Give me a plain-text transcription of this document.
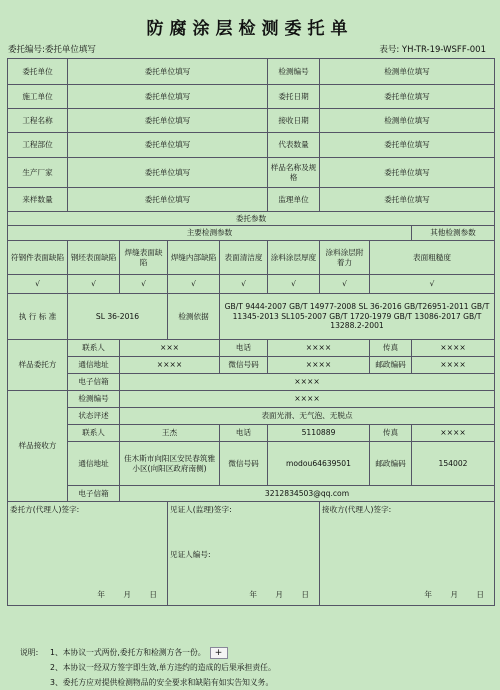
防腐涂层检测委托单
委托编号:委托单位填写	表号: YH-TR-19-WSFF-001
委托单位	委托单位填写				检测编号	检测单位填写		
施工单位	委托单位填写				委托日期	委托单位填写		
工程名称	委托单位填写				接收日期	检测单位填写		
工程部位	委托单位填写				代表数量	委托单位填写		
生产厂家	委托单位填写				样品名称及规格	委托单位填写		
来样数量	委托单位填写				监理单位	委托单位填写		
委托参数								
主要检测参数								其他检测参数
符钢件表面缺陷	钢坯表面缺陷	焊缝表面缺陷	焊缝内部缺陷	表面清洁度	涂料涂层厚度	涂料涂层附着力	表面粗糙度	
√	√	√	√	√	√	√	√	
执 行 标 准	SL 36-2016		检测依据	GB/T 9444-2007 GB/T 14977-2008 SL 36-2016 GB/T26951-2011 GB/T 11345-2013 SL105-2007 GB/T 1720-1979 GB/T 13086-2017 GB/T 13288.2-2001				
样品委托方	联系人	×××		电话	××××		传真	××××
	通信地址	××××		微信号码	××××		邮政编码	××××
	电子信箱	××××						
样品接收方	检测编号	××××						
	状态评述	表面光滑、无气泡、无脱点						
	联系人	王杰		电话	5110889		传真	××××
	通信地址	佳木斯市向阳区安民春筑雅小区(向阳区政府南侧)		微信号码	modou64639501		邮政编码	154002
	电子信箱	3212834503@qq.com						

委托方(代理人)签字:
年 月 日			见证人(监理)签字:
见证人编号:
年 月 日			接收方(代理人)签字:
年 月 日		
说明: 1、本协议一式两份,委托方和检测方各一份。 +
2、本协议一经双方签字即生效,单方违约的造成的后果承担责任。
3、委托方应对提供检测物品的安全要求和缺陷有如实告知义务。
